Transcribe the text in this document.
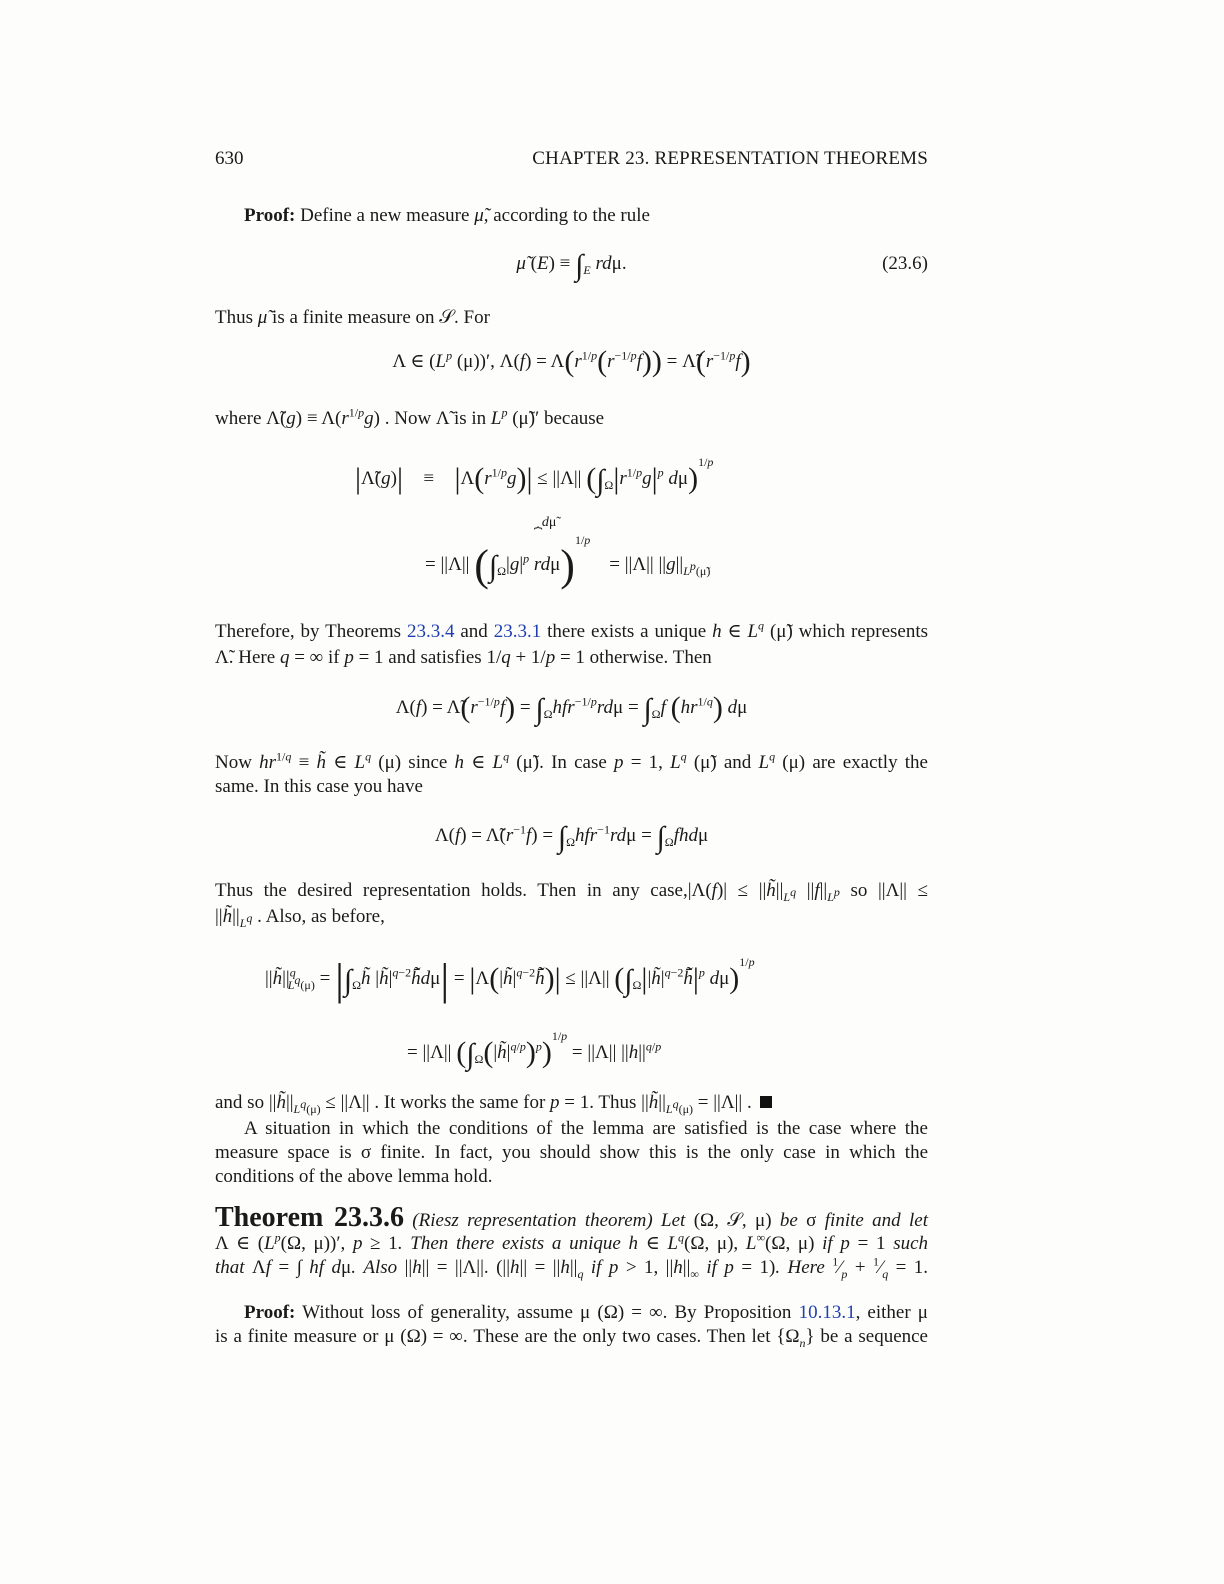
630	CHAPTER 23. REPRESENTATION THEOREMS
Proof: Define a new measure μ̃, according to the rule
μ̃ $(E) \equiv \int_E$ rdμ.	(23.6)
Thus μ̃ is a finite measure on 𝒮. For
Λ ∈ ($L^p$ (μ))′, $\Lambda(f) = \Lambda(r^{1/p}(r^{-1/p}f))$ = $\Lambdã(r^{-1/p}f)$
where Λ̃(g) ≡ $\Lambda(r^{1/p}g)$ . Now Λ̃ is in $L^p$ (μ̃)′ because
|Λ̃(g)| ≡ $|\Lambda(r^{1/p}g)| \le ||\Lambda||$ ($\int_\Omega|r^{1/p}g|^p$ dμ)$^{1/p}$
= ||Λ|| ($\int_\Omega|g|^p$
dμ̃
⏞
rdμ)$^{1/p}$    = ||Λ|| $||g||_{L^p(\mũ)}$
Therefore, by Theorems 23.3.4 and 23.3.1 there exists a unique h ∈ $L^q$ (μ̃) which represents
Λ̃. Here q = ∞ if p = 1 and satisfies 1/q + 1/p = 1 otherwise. Then
$\Lambda(f) = \Lambdã(r^{-1/p}f) = \int_\Omega hfr^{-1/p}rd\mu = \int_\Omega f$ $(hr^{1/q})$ dμ
Now $hr^{1/q}$ ≡ h̃ ∈ $L^q$ (μ) since h ∈ $L^q$ (μ̃). In case p = 1, $L^q$ (μ̃) and $L^q$ (μ) are exactly the
same. In this case you have
$\Lambda(f) = \Lambdã(r^{-1}f) = \int_\Omega hfr^{-1}rd\mu = \int_\Omega fhd\mu$
Thus the desired representation holds. Then in any case,|Λ(f)| ≤ $||h̃||_{L^q}$ $||f||_{L^p}$ so ||Λ|| ≤
$||h̃||_{L^q}$ . Also, as before,
$||h̃||^q_{L^q(\mu)}$ = $|\int_\Omega h̃$ $|h̃|^{q-2}h̃̄d\mu|$ = $|\Lambda(|h̃|^{q-2}h̃̄)| \le ||\Lambda||$ ($\int_\Omega||h̃|^{q-2}h̃̄|^p$ dμ)$^{1/p}$
= ||Λ|| $(\int_\Omega(|h̃|^{q/p})^p)^{1/p} = ||\Lambda||$ $||h||^{q/p}$
and so $||h̃||_{L^q(\mu)} \le ||\Lambda||$ . It works the same for p = 1. Thus $||h̃||_{L^q(\mu)} = ||\Lambda||$ .
A situation in which the conditions of the lemma are satisfied is the case where the
measure space is σ finite. In fact, you should show this is the only case in which the
conditions of the above lemma hold.
Theorem 23.3.6 (Riesz representation theorem) Let (Ω, 𝒮, μ) be σ finite and let
Λ ∈ ($L^p(\Omega$, μ))′, p ≥ 1. Then there exists a unique h ∈ $L^q(\Omega$, μ), L∞(Ω, μ) if p = 1 such
that Λf = ∫ hf dμ. Also ||h|| = ||Λ||. ($||h|| = ||h||_q$ if p > 1, $||h||_\infty$ if p = 1). Here $^1⁄_p$ + $^1⁄_q = 1$.
Proof: Without loss of generality, assume μ (Ω) = ∞. By Proposition 10.13.1, either μ
is a finite measure or μ (Ω) = ∞. These are the only two cases. Then let $\{\Omega_n\}$ be a sequence
